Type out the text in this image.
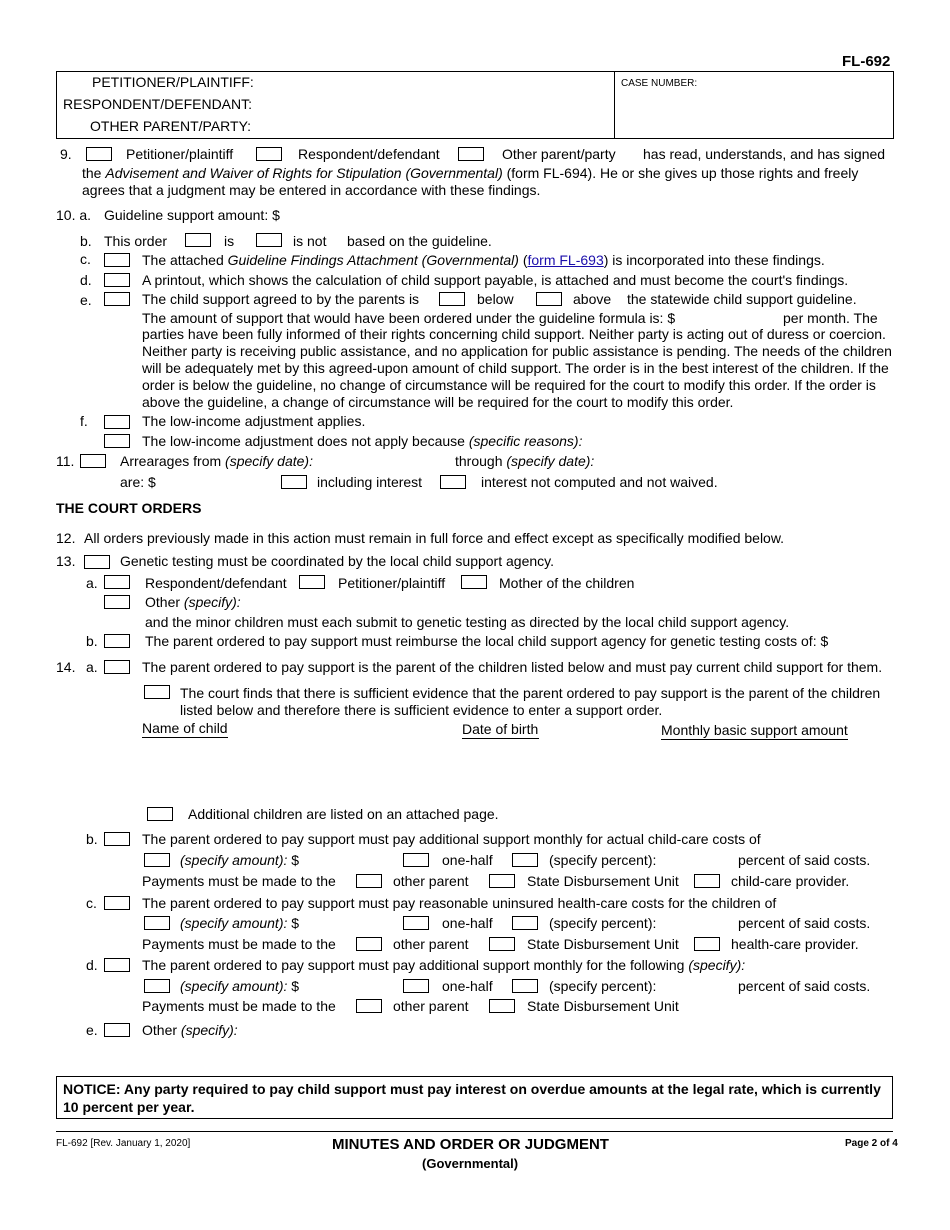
FL-692
PETITIONER/PLAINTIFF:
RESPONDENT/DEFENDANT:
OTHER PARENT/PARTY:
CASE NUMBER:
9.	Petitioner/plaintiff	Respondent/defendant	Other parent/party has read, understands, and has signed
the Advisement and Waiver of Rights for Stipulation (Governmental) (form FL-694). He or she gives up those rights and freely
agrees that a judgment may be entered in accordance with these findings.
10. a. Guideline support amount: $
b. This order	is	is not based on the guideline.
c.	The attached Guideline Findings Attachment (Governmental) (form FL-693) is incorporated into these findings.
d.	A printout, which shows the calculation of child support payable, is attached and must become the court's findings.
e.	The child support agreed to by the parents is	below	above the statewide child support guideline.
The amount of support that would have been ordered under the guideline formula is: $	per month. The
parties have been fully informed of their rights concerning child support. Neither party is acting out of duress or coercion. Neither party is receiving public assistance, and no application for public assistance is pending. The needs of the children will be adequately met by this agreed-upon amount of child support. The order is in the best interest of the children. If the order is below the guideline, no change of circumstance will be required for the court to modify this order. If the order is above the guideline, a change of circumstance will be required for the court to modify this order.
f.	The low-income adjustment applies.
The low-income adjustment does not apply because (specific reasons):
11.	Arrearages from (specify date):	through (specify date):
are: $	including interest	interest not computed and not waived.
THE COURT ORDERS
12. All orders previously made in this action must remain in full force and effect except as specifically modified below.
13.	Genetic testing must be coordinated by the local child support agency.
a.	Respondent/defendant	Petitioner/plaintiff	Mother of the children
Other (specify):
and the minor children must each submit to genetic testing as directed by the local child support agency.
b.	The parent ordered to pay support must reimburse the local child support agency for genetic testing costs of: $
14. a.	The parent ordered to pay support is the parent of the children listed below and must pay current child support for them.
The court finds that there is sufficient evidence that the parent ordered to pay support is the parent of the children
listed below and therefore there is sufficient evidence to enter a support order.
Name of child	Date of birth	Monthly basic support amount
Additional children are listed on an attached page.
b.	The parent ordered to pay support must pay additional support monthly for actual child-care costs of
(specify amount): $	one-half	(specify percent):	percent of said costs.
Payments must be made to the	other parent	State Disbursement Unit	child-care provider.
c.	The parent ordered to pay support must pay reasonable uninsured health-care costs for the children of
(specify amount): $	one-half	(specify percent):	percent of said costs.
Payments must be made to the	other parent	State Disbursement Unit	health-care provider.
d.	The parent ordered to pay support must pay additional support monthly for the following (specify):
(specify amount): $	one-half	(specify percent):	percent of said costs.
Payments must be made to the	other parent	State Disbursement Unit
e.	Other (specify):
NOTICE: Any party required to pay child support must pay interest on overdue amounts at the legal rate, which is currently 10 percent per year.
FL-692 [Rev. January 1, 2020]	MINUTES AND ORDER OR JUDGMENT
(Governmental)
Page 2 of 4
